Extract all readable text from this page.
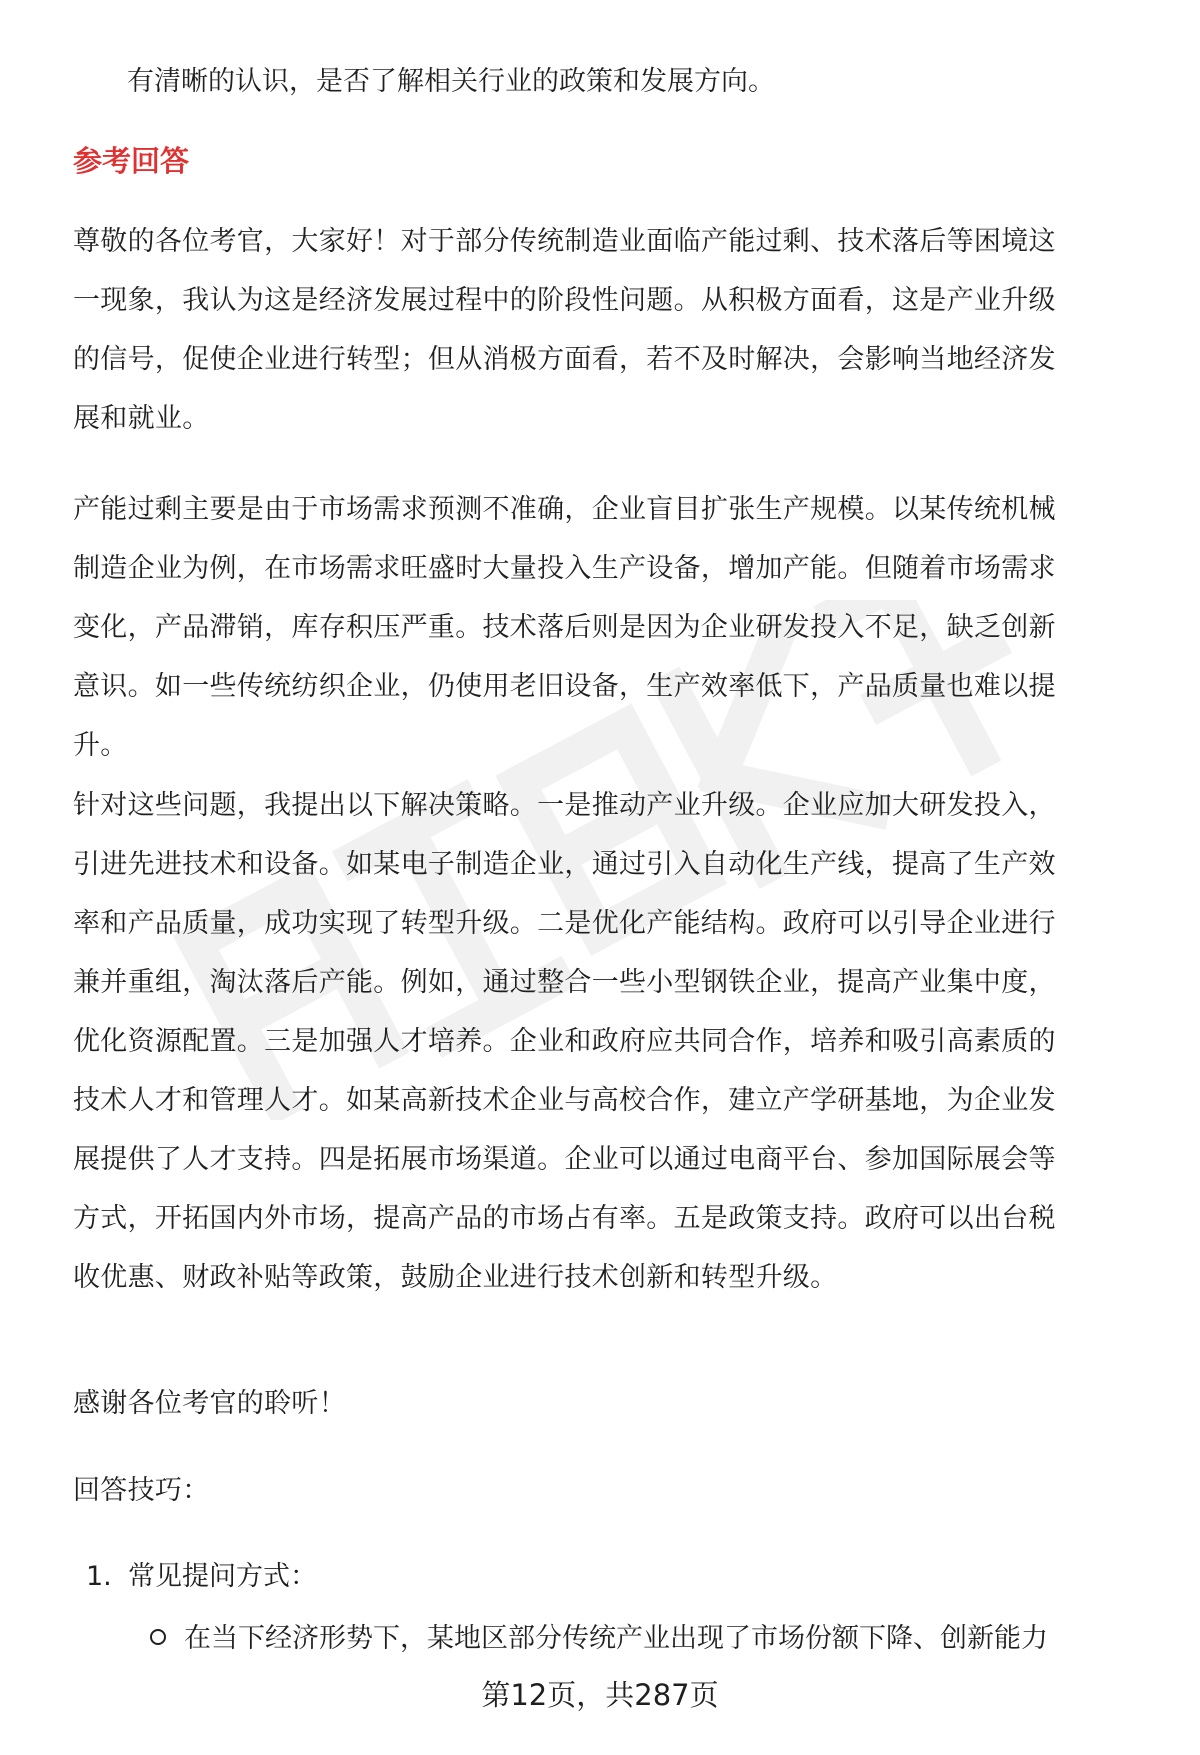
有清晰的认识，是否了解相关行业的政策和发展方向。
参考回答
尊敬的各位考官，大家好！对于部分传统制造业面临产能过剩、技术落后等困境这
一现象，我认为这是经济发展过程中的阶段性问题。从积极方面看，这是产业升级
的信号，促使企业进行转型；但从消极方面看，若不及时解决，会影响当地经济发
展和就业。
产能过剩主要是由于市场需求预测不准确，企业盲目扩张生产规模。以某传统机械
制造企业为例，在市场需求旺盛时大量投入生产设备，增加产能。但随着市场需求
变化，产品滞销，库存积压严重。技术落后则是因为企业研发投入不足，缺乏创新
意识。如一些传统纺织企业，仍使用老旧设备，生产效率低下，产品质量也难以提
升。
针对这些问题，我提出以下解决策略。一是推动产业升级。企业应加大研发投入，
引进先进技术和设备。如某电子制造企业，通过引入自动化生产线，提高了生产效
率和产品质量，成功实现了转型升级。二是优化产能结构。政府可以引导企业进行
兼并重组，淘汰落后产能。例如，通过整合一些小型钢铁企业，提高产业集中度，
优化资源配置。三是加强人才培养。企业和政府应共同合作，培养和吸引高素质的
技术人才和管理人才。如某高新技术企业与高校合作，建立产学研基地，为企业发
展提供了人才支持。四是拓展市场渠道。企业可以通过电商平台、参加国际展会等
方式，开拓国内外市场，提高产品的市场占有率。五是政策支持。政府可以出台税
收优惠、财政补贴等政策，鼓励企业进行技术创新和转型升级。
感谢各位考官的聆听！
回答技巧：
1. 常见提问方式：
在当下经济形势下，某地区部分传统产业出现了市场份额下降、创新能力
第12页，共287页
